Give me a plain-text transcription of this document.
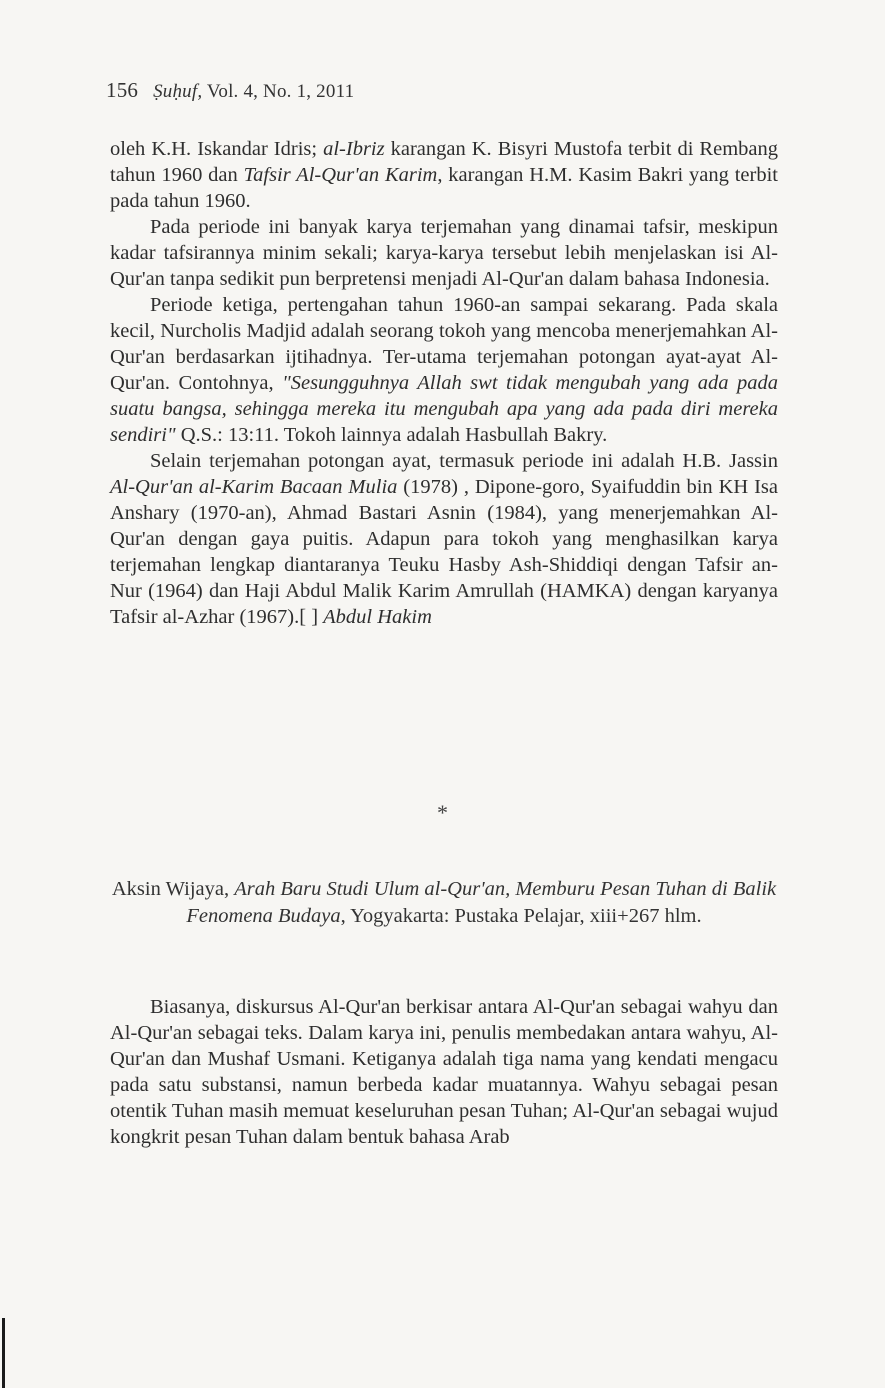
156 Ṣuḥuf, Vol. 4, No. 1, 2011

oleh K.H. Iskandar Idris; al-Ibriz karangan K. Bisyri Mustofa terbit di Rembang tahun 1960 dan Tafsir Al-Qur'an Karim, karangan H.M. Kasim Bakri yang terbit pada tahun 1960.

Pada periode ini banyak karya terjemahan yang dinamai tafsir, meskipun kadar tafsirannya minim sekali; karya-karya tersebut lebih menjelaskan isi Al-Qur'an tanpa sedikit pun berpretensi menjadi Al-Qur'an dalam bahasa Indonesia.

Periode ketiga, pertengahan tahun 1960-an sampai sekarang. Pada skala kecil, Nurcholis Madjid adalah seorang tokoh yang mencoba menerjemahkan Al-Qur'an berdasarkan ijtihadnya. Ter-utama terjemahan potongan ayat-ayat Al-Qur'an. Contohnya, "Sesungguhnya Allah swt tidak mengubah yang ada pada suatu bangsa, sehingga mereka itu mengubah apa yang ada pada diri mereka sendiri" Q.S.: 13:11. Tokoh lainnya adalah Hasbullah Bakry.

Selain terjemahan potongan ayat, termasuk periode ini adalah H.B. Jassin Al-Qur'an al-Karim Bacaan Mulia (1978) , Dipone-goro, Syaifuddin bin KH Isa Anshary (1970-an), Ahmad Bastari Asnin (1984), yang menerjemahkan Al-Qur'an dengan gaya puitis. Adapun para tokoh yang menghasilkan karya terjemahan lengkap diantaranya Teuku Hasby Ash-Shiddiqi dengan Tafsir an-Nur (1964) dan Haji Abdul Malik Karim Amrullah (HAMKA) dengan karyanya Tafsir al-Azhar (1967).[ ] Abdul Hakim

*
Aksin Wijaya, Arah Baru Studi Ulum al-Qur'an, Memburu Pesan Tuhan di Balik Fenomena Budaya, Yogyakarta: Pustaka Pelajar, xiii+267 hlm.

Biasanya, diskursus Al-Qur'an berkisar antara Al-Qur'an sebagai wahyu dan Al-Qur'an sebagai teks. Dalam karya ini, penulis membedakan antara wahyu, Al-Qur'an dan Mushaf Usmani. Ketiganya adalah tiga nama yang kendati mengacu pada satu substansi, namun berbeda kadar muatannya. Wahyu sebagai pesan otentik Tuhan masih memuat keseluruhan pesan Tuhan; Al-Qur'an sebagai wujud kongkrit pesan Tuhan dalam bentuk bahasa Arab
